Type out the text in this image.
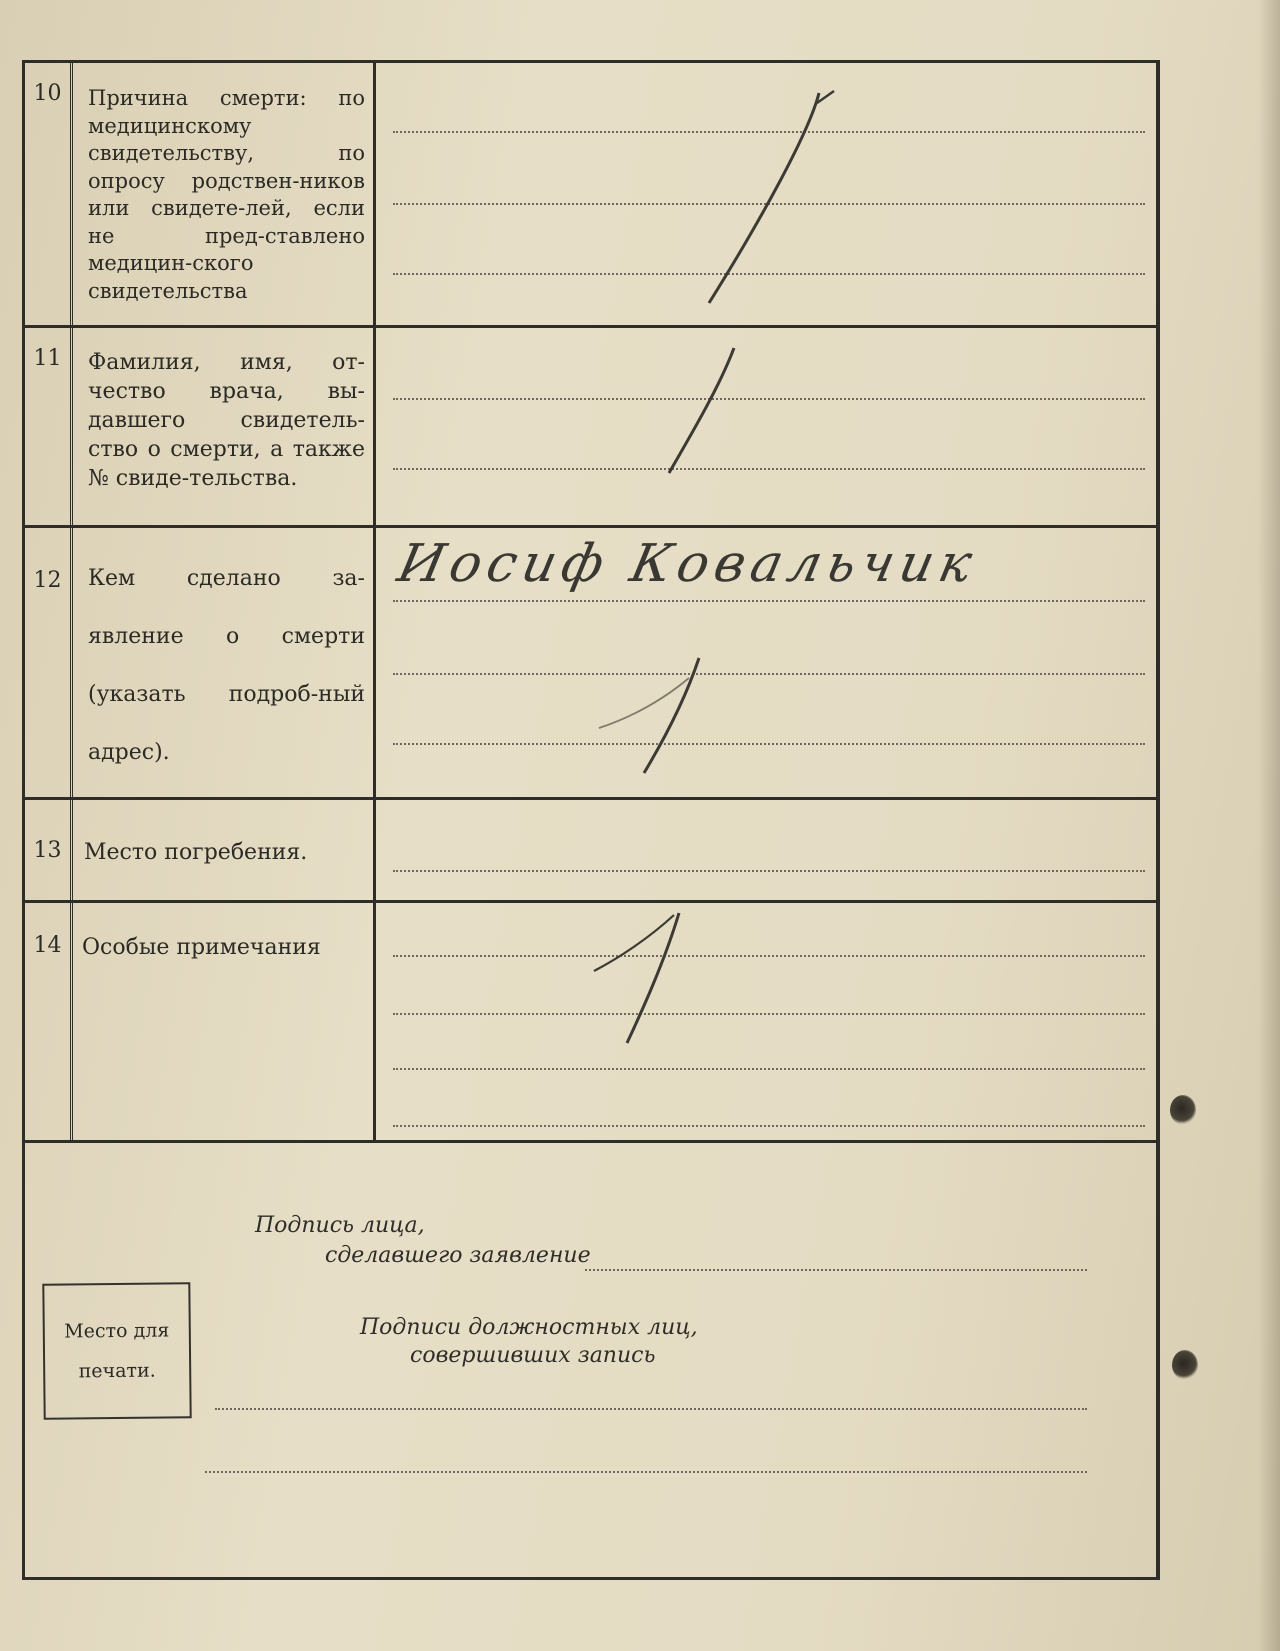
10	Причина смерти: по медицинскому свидетельству, по опросу родствен-ников или свидете-лей, если не пред-ставлено медицин-ского свидетельства
11	Фамилия, имя, от-чество врача, вы-давшего свидетель-ство о смерти, а также № свиде-тельства.
12	Кем сделано за-явление о смерти (указать подроб-ный адрес).
Иосиф Ковальчик
13	Место погребения.
14 Особые примечания
Подпись лица,
сделавшего заявление
Подписи должностных лиц,
совершивших запись
Место для
печати.
